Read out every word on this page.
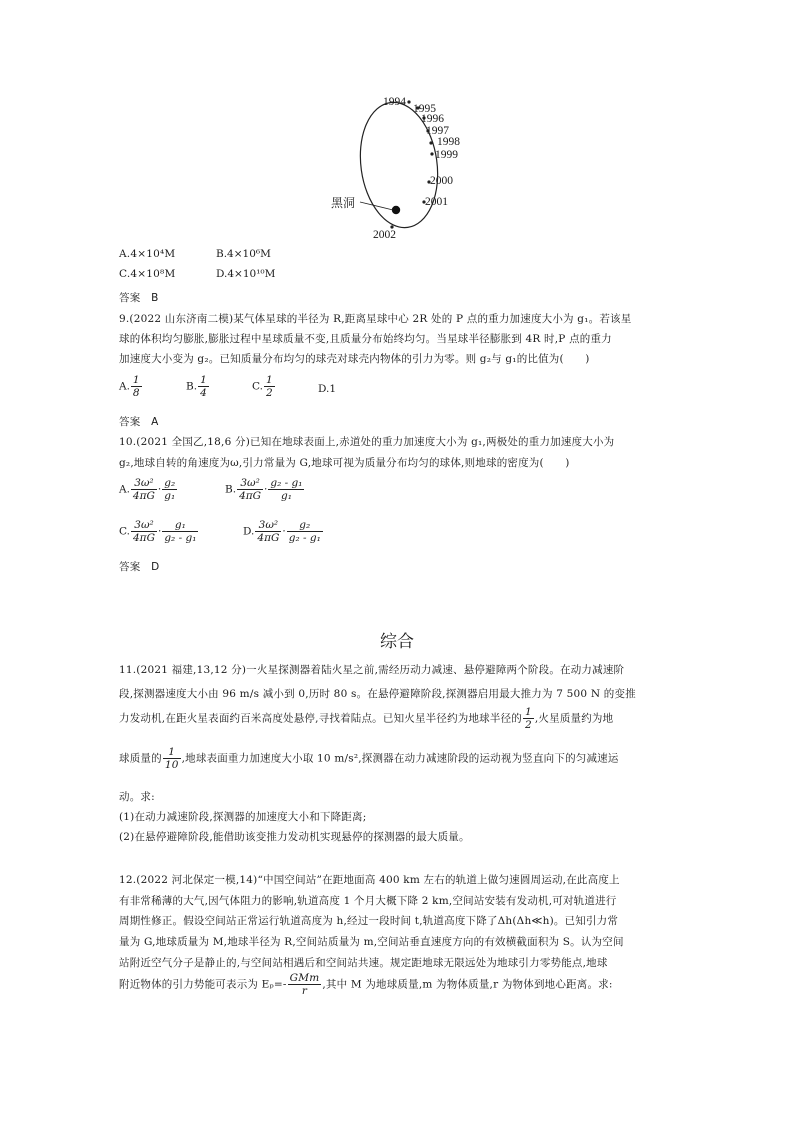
1994
1995
1996
1997
1998
1999
2000
2001
2002
黑洞
A.4×10⁴M	B.4×10⁶M
C.4×10⁸M	D.4×10¹⁰M
答案　B
9.(2022 山东济南二模)某气体星球的半径为 R,距离星球中心 2R 处的 P 点的重力加速度大小为 g₁。若该星
球的体积均匀膨胀,膨胀过程中星球质量不变,且质量分布始终均匀。当星球半径膨胀到 4R 时,P 点的重力
加速度大小变为 g₂。已知质量分布均匀的球壳对球壳内物体的引力为零。则 g₂与 g₁的比值为(　　)
A. $\frac{1}{8}$	B. $\frac{1}{4}$	C. $\frac{1}{2}$	D.1
答案　A
10.(2021 全国乙,18,6 分)已知在地球表面上,赤道处的重力加速度大小为 g₁,两极处的重力加速度大小为
g₂,地球自转的角速度为ω,引力常量为 G,地球可视为质量分布均匀的球体,则地球的密度为(　　)
A. $\frac{\text{3ω²}}{4\pi G} \cdot \frac{\text{g₂}}{\text{g₁}}$	B. $\frac{\text{3ω²}}{4\pi G} \cdot \frac{\text{g₂ - g₁}}{\text{g₁}}$
C. $\frac{\text{3ω²}}{4\pi G} \cdot \frac{\text{g₁}}{\text{g₂ - g₁}}$	D. $\frac{\text{3ω²}}{4\pi G} \cdot \frac{\text{g₂}}{\text{g₂ - g₁}}$
答案　D
综合
11.(2021 福建,13,12 分)一火星探测器着陆火星之前,需经历动力减速、悬停避障两个阶段。在动力减速阶
段,探测器速度大小由 96 m/s 减小到 0,历时 80 s。在悬停避障阶段,探测器启用最大推力为 7 500 N 的变推
力发动机,在距火星表面约百米高度处悬停,寻找着陆点。已知火星半径约为地球半径的 $\frac{1}{2}$ ,火星质量约为地
球质量的 $\frac{1}{10}$ ,地球表面重力加速度大小取 10 m/s²,探测器在动力减速阶段的运动视为竖直向下的匀减速运
动。求:
(1)在动力减速阶段,探测器的加速度大小和下降距离;
(2)在悬停避障阶段,能借助该变推力发动机实现悬停的探测器的最大质量。
12.(2022 河北保定一模,14)“中国空间站”在距地面高 400 km 左右的轨道上做匀速圆周运动,在此高度上
有非常稀薄的大气,因气体阻力的影响,轨道高度 1 个月大概下降 2 km,空间站安装有发动机,可对轨道进行
周期性修正。假设空间站正常运行轨道高度为 h,经过一段时间 t,轨道高度下降了Δh(Δh≪h)。已知引力常
量为 G,地球质量为 M,地球半径为 R,空间站质量为 m,空间站垂直速度方向的有效横截面积为 S。认为空间
站附近空气分子是静止的,与空间站相遇后和空间站共速。规定距地球无限远处为地球引力零势能点,地球
附近物体的引力势能可表示为 $E_p=- \frac{\text{GMm}}{r}$ ,其中 M 为地球质量,m 为物体质量,r 为物体到地心距离。求:
